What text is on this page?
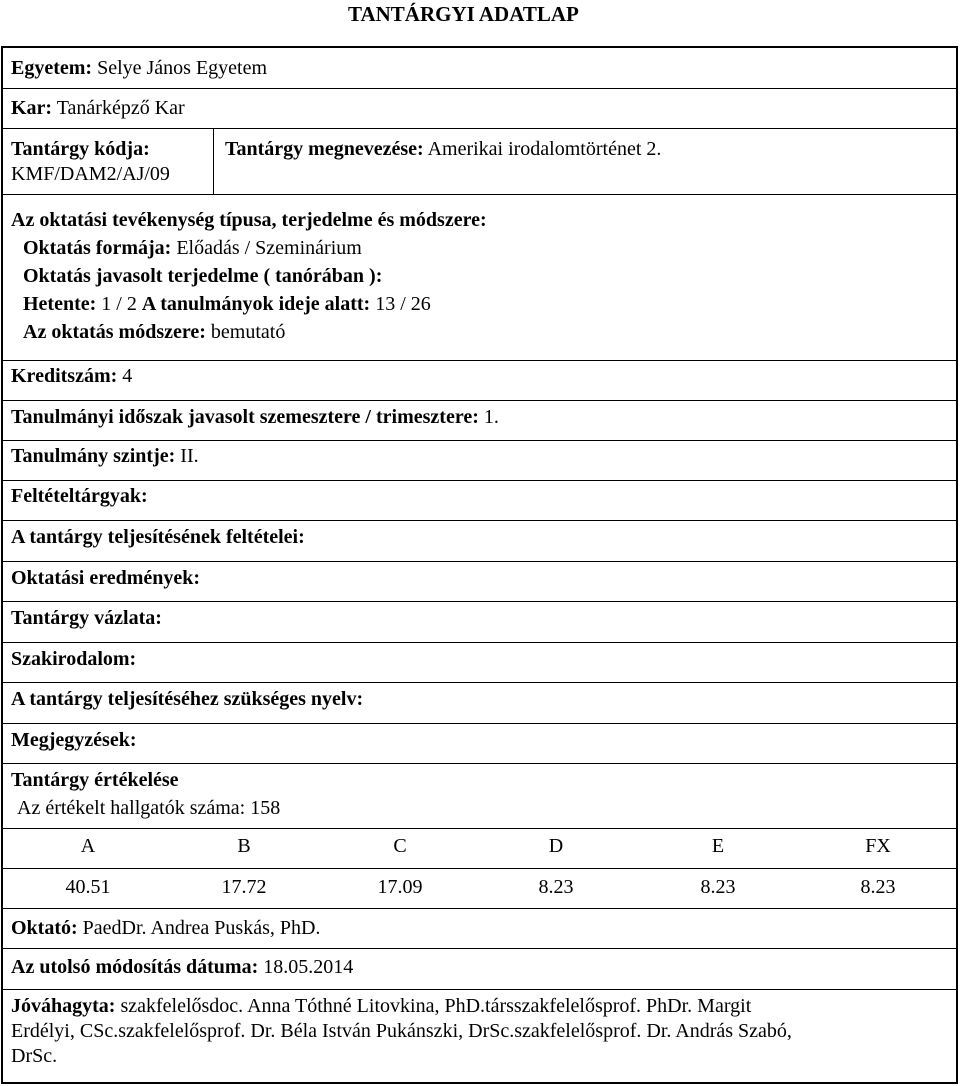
TANTÁRGYI ADATLAP
Egyetem: Selye János Egyetem
Kar: Tanárképző Kar
Tantárgy kódja:
KMF/DAM2/AJ/09
Tantárgy megnevezése: Amerikai irodalomtörténet 2.
Az oktatási tevékenység típusa, terjedelme és módszere:
Oktatás formája: Előadás / Szeminárium
Oktatás javasolt terjedelme ( tanórában ):
Hetente: 1 / 2 A tanulmányok ideje alatt: 13 / 26
Az oktatás módszere: bemutató
Kreditszám: 4
Tanulmányi időszak javasolt szemesztere / trimesztere: 1.
Tanulmány szintje: II.
Feltételtárgyak:
A tantárgy teljesítésének feltételei:
Oktatási eredmények:
Tantárgy vázlata:
Szakirodalom:
A tantárgy teljesítéséhez szükséges nyelv:
Megjegyzések:
Tantárgy értékelése
Az értékelt hallgatók száma: 158
A	B	C	D	E	FX
40.51	17.72	17.09	8.23	8.23	8.23
Oktató: PaedDr. Andrea Puskás, PhD.
Az utolsó módosítás dátuma: 18.05.2014
Jóváhagyta: szakfelelősdoc. Anna Tóthné Litovkina, PhD.társszakfelelősprof. PhDr. Margit
Erdélyi, CSc.szakfelelősprof. Dr. Béla István Pukánszki, DrSc.szakfelelősprof. Dr. András Szabó,
DrSc.
